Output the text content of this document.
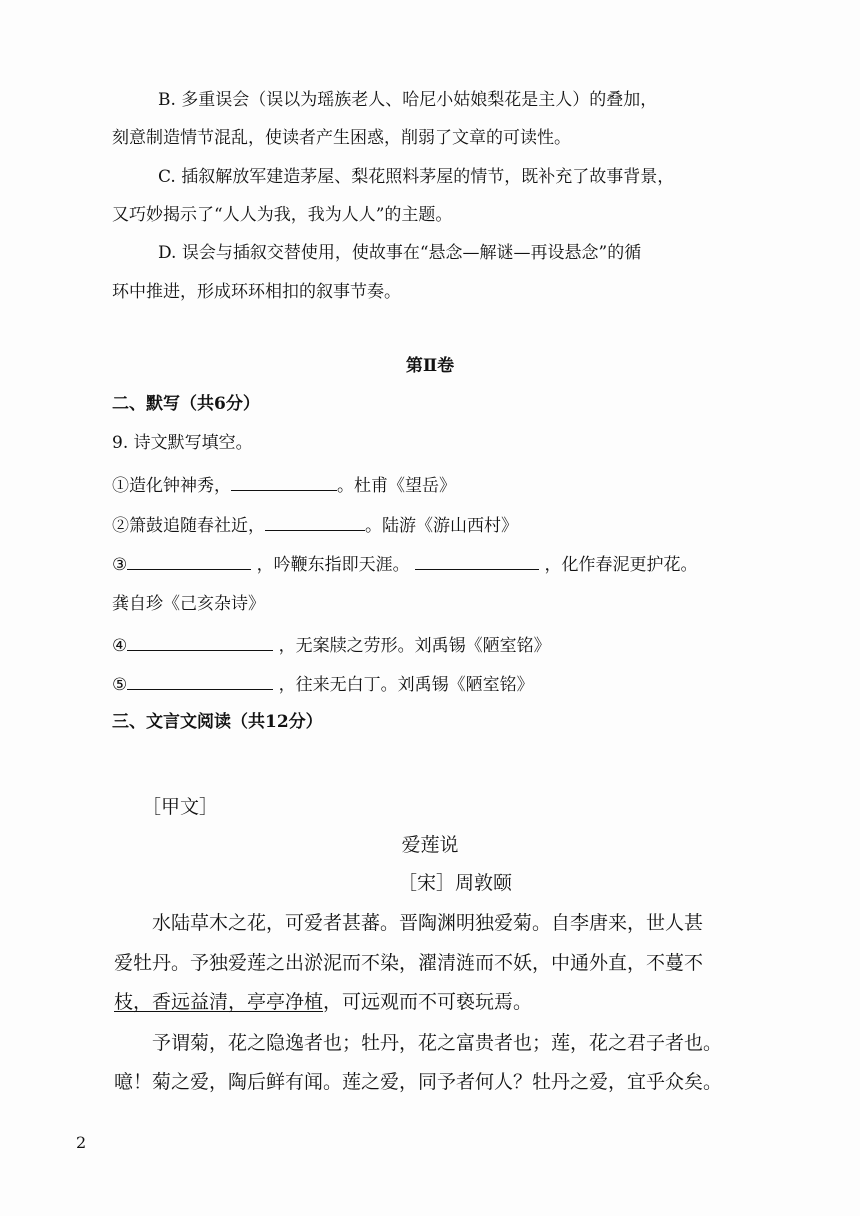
B. 多重误会（误以为瑶族老人、哈尼小姑娘梨花是主人）的叠加，
刻意制造情节混乱，使读者产生困惑，削弱了文章的可读性。
C. 插叙解放军建造茅屋、梨花照料茅屋的情节，既补充了故事背景，
又巧妙揭示了“人人为我，我为人人”的主题。
D. 误会与插叙交替使用，使故事在“悬念—解谜—再设悬念”的循
环中推进，形成环环相扣的叙事节奏。
第Ⅱ卷
二、默写（共6分）
9. 诗文默写填空。
①造化钟神秀，	。杜甫《望岳》
②箫鼓追随春社近，	。陆游《游山西村》
③	，吟鞭东指即天涯。	，化作春泥更护花。
龚自珍《己亥杂诗》
④	，无案牍之劳形。刘禹锡《陋室铭》
⑤	，往来无白丁。刘禹锡《陋室铭》
三、文言文阅读（共12分）
［甲文］
爱莲说
［宋］周敦颐
水陆草木之花，可爱者甚蕃。晋陶渊明独爱菊。自李唐来，世人甚
爱牡丹。予独爱莲之出淤泥而不染，濯清涟而不妖，中通外直，不蔓不
枝，香远益清，亭亭净植，可远观而不可亵玩焉。
予谓菊，花之隐逸者也；牡丹，花之富贵者也；莲，花之君子者也。
噫！菊之爱，陶后鲜有闻。莲之爱，同予者何人？牡丹之爱，宜乎众矣。
2
